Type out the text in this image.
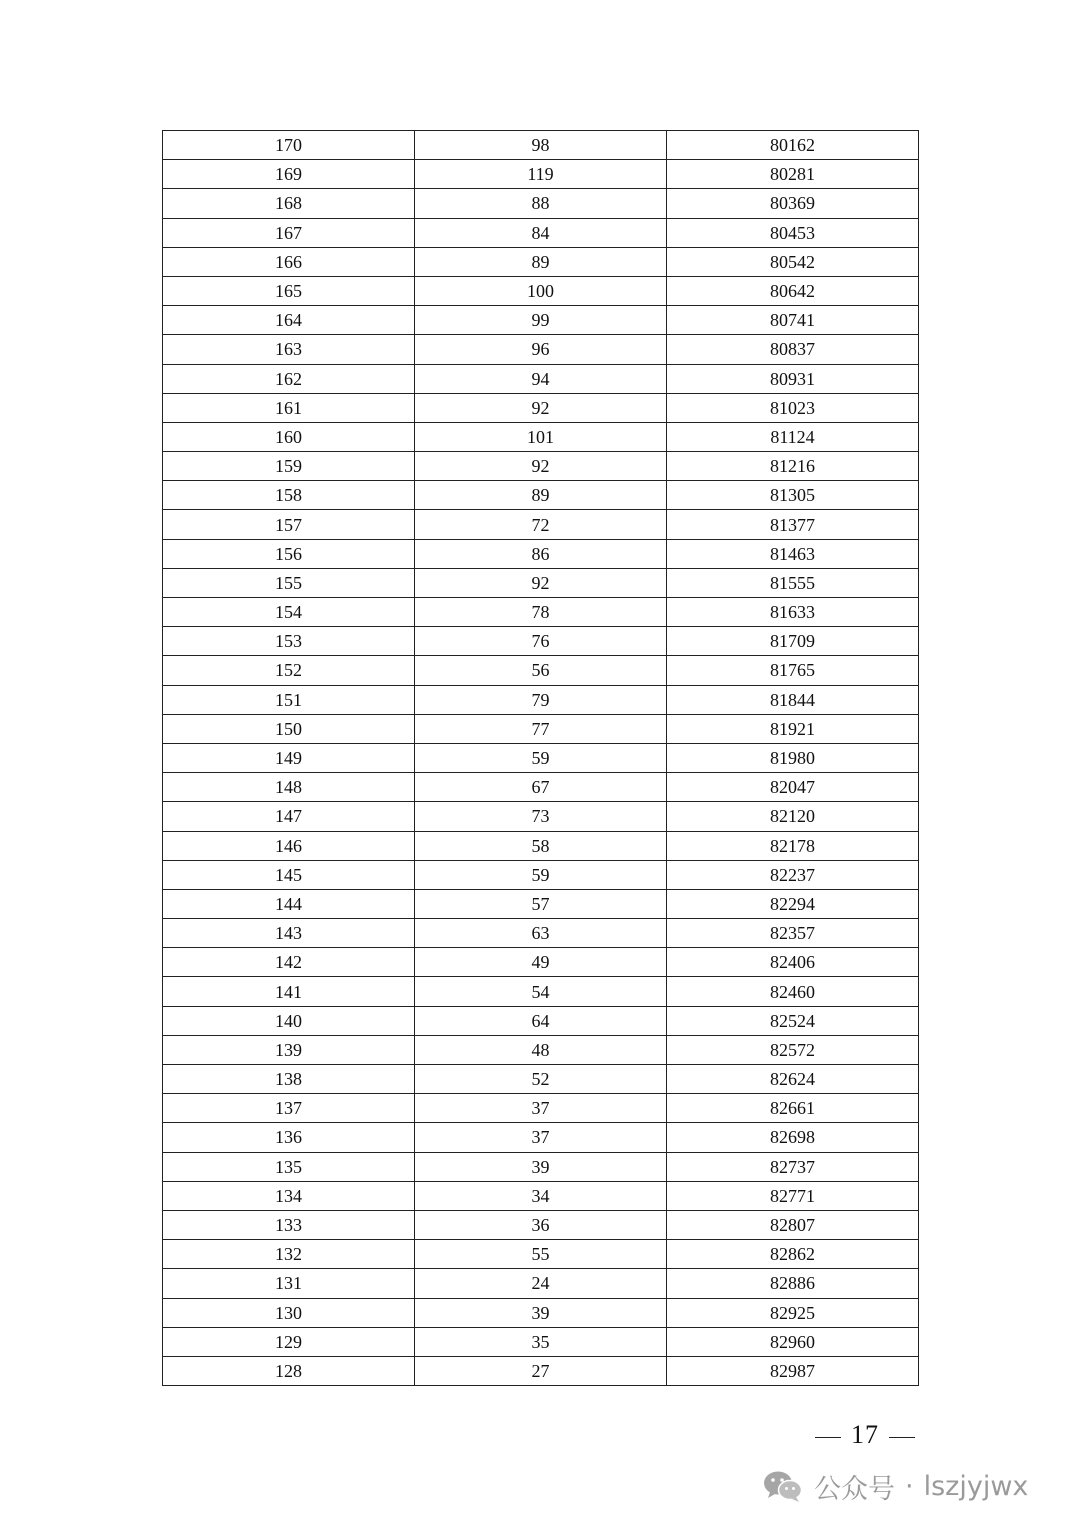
170	98	80162
169	119	80281
168	88	80369
167	84	80453
166	89	80542
165	100	80642
164	99	80741
163	96	80837
162	94	80931
161	92	81023
160	101	81124
159	92	81216
158	89	81305
157	72	81377
156	86	81463
155	92	81555
154	78	81633
153	76	81709
152	56	81765
151	79	81844
150	77	81921
149	59	81980
148	67	82047
147	73	82120
146	58	82178
145	59	82237
144	57	82294
143	63	82357
142	49	82406
141	54	82460
140	64	82524
139	48	82572
138	52	82624
137	37	82661
136	37	82698
135	39	82737
134	34	82771
133	36	82807
132	55	82862
131	24	82886
130	39	82925
129	35	82960
128	27	82987
17
公众号 · lszjyjwx
